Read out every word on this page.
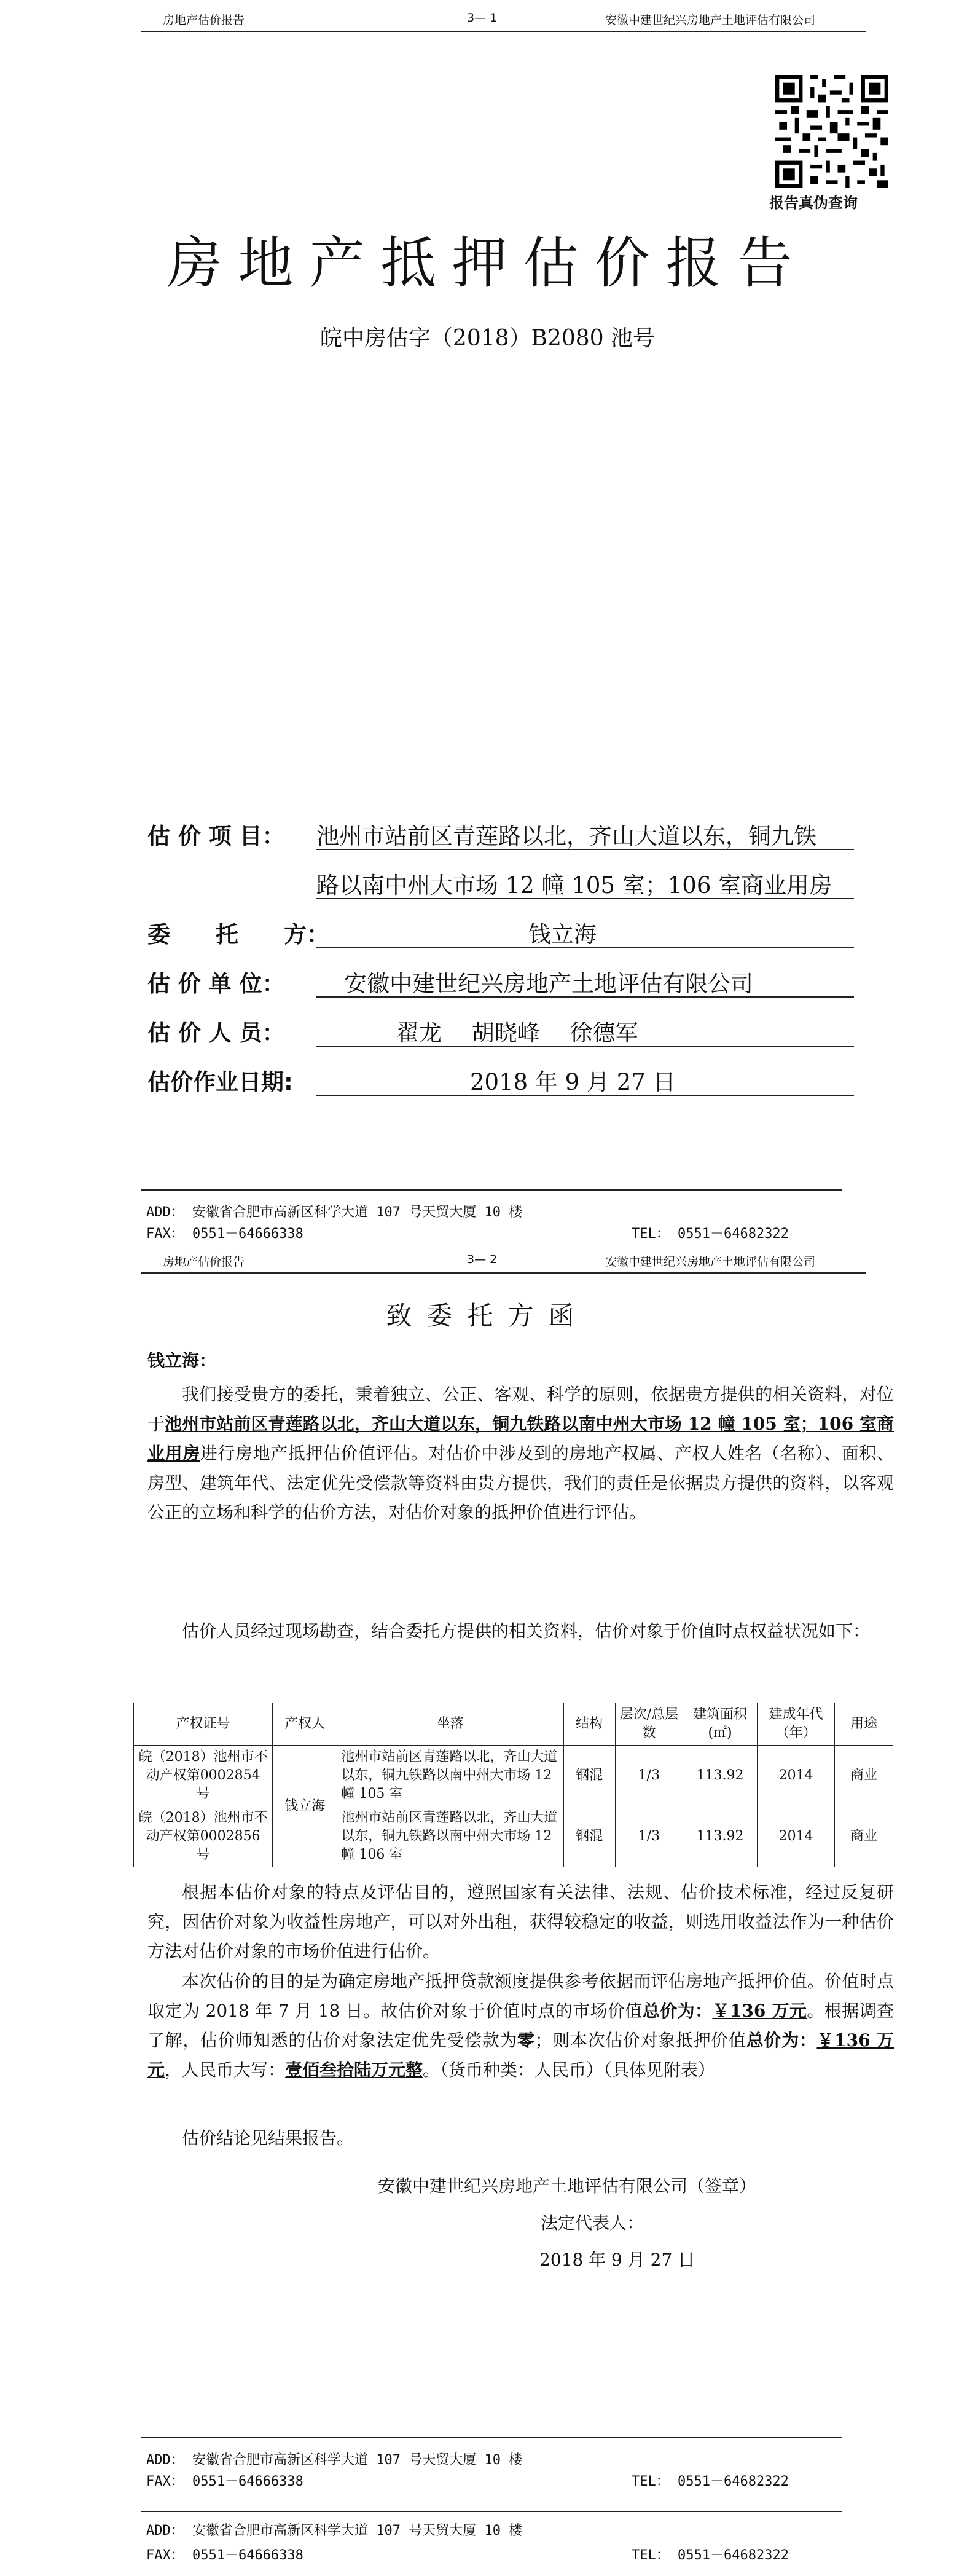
房地产估价报告	3— 1	安徽中建世纪兴房地产土地评估有限公司
报告真伪查询
房地产抵押估价报告
皖中房估字（2018）B2080 池号
估 价 项 目： 池州市站前区青莲路以北，齐山大道以东，铜九铁
路以南中州大市场 12 幢 105 室；106 室商业用房
委　　托　　方：	钱立海
估 价 单 位：	安徽中建世纪兴房地产土地评估有限公司
估 价 人 员：	翟龙　 胡晓峰　 徐德军
估价作业日期:	2018 年 9 月 27 日
ADD： 安徽省合肥市高新区科学大道 107 号天贸大厦 10 楼
FAX： 0551－64666338	TEL： 0551－64682322
房地产估价报告	3— 2	安徽中建世纪兴房地产土地评估有限公司
致委托方函
钱立海：
我们接受贵方的委托，秉着独立、公正、客观、科学的原则，依据贵方提供的相关资料，对位于池州市站前区青莲路以北，齐山大道以东，铜九铁路以南中州大市场 12 幢 105 室；106 室商业用房进行房地产抵押估价值评估。对估价中涉及到的房地产权属、产权人姓名（名称）、面积、房型、建筑年代、法定优先受偿款等资料由贵方提供，我们的责任是依据贵方提供的资料，以客观公正的立场和科学的估价方法，对估价对象的抵押价值进行评估。
估价人员经过现场勘查，结合委托方提供的相关资料，估价对象于价值时点权益状况如下：
产权证号	产权人	坐落	结构	层次/总层数	建筑面积(㎡)	建成年代（年）	用途
皖（2018）池州市不动产权第0002854 号	钱立海	池州市站前区青莲路以北，齐山大道以东，铜九铁路以南中州大市场 12 幢 105 室	钢混	1/3	113.92	2014	商业
皖（2018）池州市不动产权第0002856 号		池州市站前区青莲路以北，齐山大道以东，铜九铁路以南中州大市场 12 幢 106 室	钢混	1/3	113.92	2014	商业
根据本估价对象的特点及评估目的，遵照国家有关法律、法规、估价技术标准，经过反复研究，因估价对象为收益性房地产，可以对外出租，获得较稳定的收益，则选用收益法作为一种估价方法对估价对象的市场价值进行估价。
本次估价的目的是为确定房地产抵押贷款额度提供参考依据而评估房地产抵押价值。价值时点取定为 2018 年 7 月 18 日。故估价对象于价值时点的市场价值总价为：￥136 万元。根据调查了解，估价师知悉的估价对象法定优先受偿款为零；则本次估价对象抵押价值总价为：￥136 万元，人民币大写：壹佰叁拾陆万元整。（货币种类：人民币）（具体见附表）
估价结论见结果报告。
安徽中建世纪兴房地产土地评估有限公司（签章）
法定代表人：
2018 年 9 月 27 日
ADD： 安徽省合肥市高新区科学大道 107 号天贸大厦 10 楼
FAX： 0551－64666338	TEL： 0551－64682322
ADD： 安徽省合肥市高新区科学大道 107 号天贸大厦 10 楼
FAX： 0551－64666338	TEL： 0551－64682322
